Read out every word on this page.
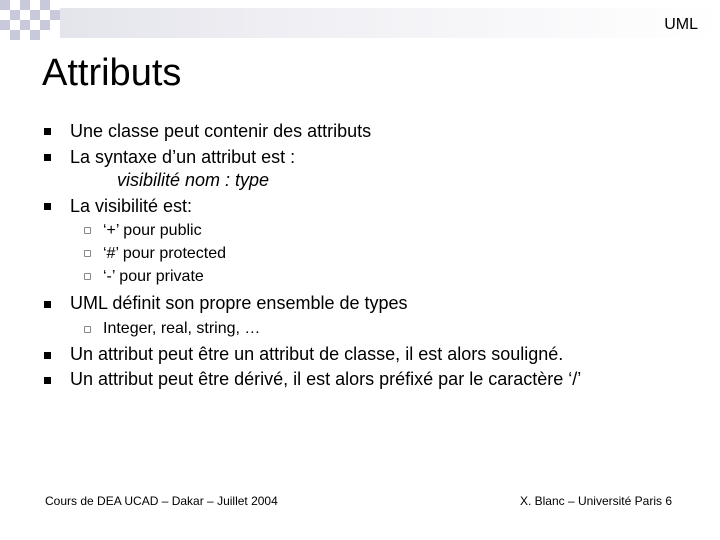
UML
Attributs
Une classe peut contenir des attributs
La syntaxe d’un attribut est :
visibilité nom : type
La visibilité est:
‘+’ pour public
‘#’ pour protected
‘-’ pour private
UML définit son propre ensemble de types
Integer, real, string, …
Un attribut peut être un attribut de classe, il est alors souligné.
Un attribut peut être dérivé, il est alors préfixé par le caractère ‘/’
Cours de DEA UCAD – Dakar – Juillet 2004	X. Blanc – Université Paris 6
